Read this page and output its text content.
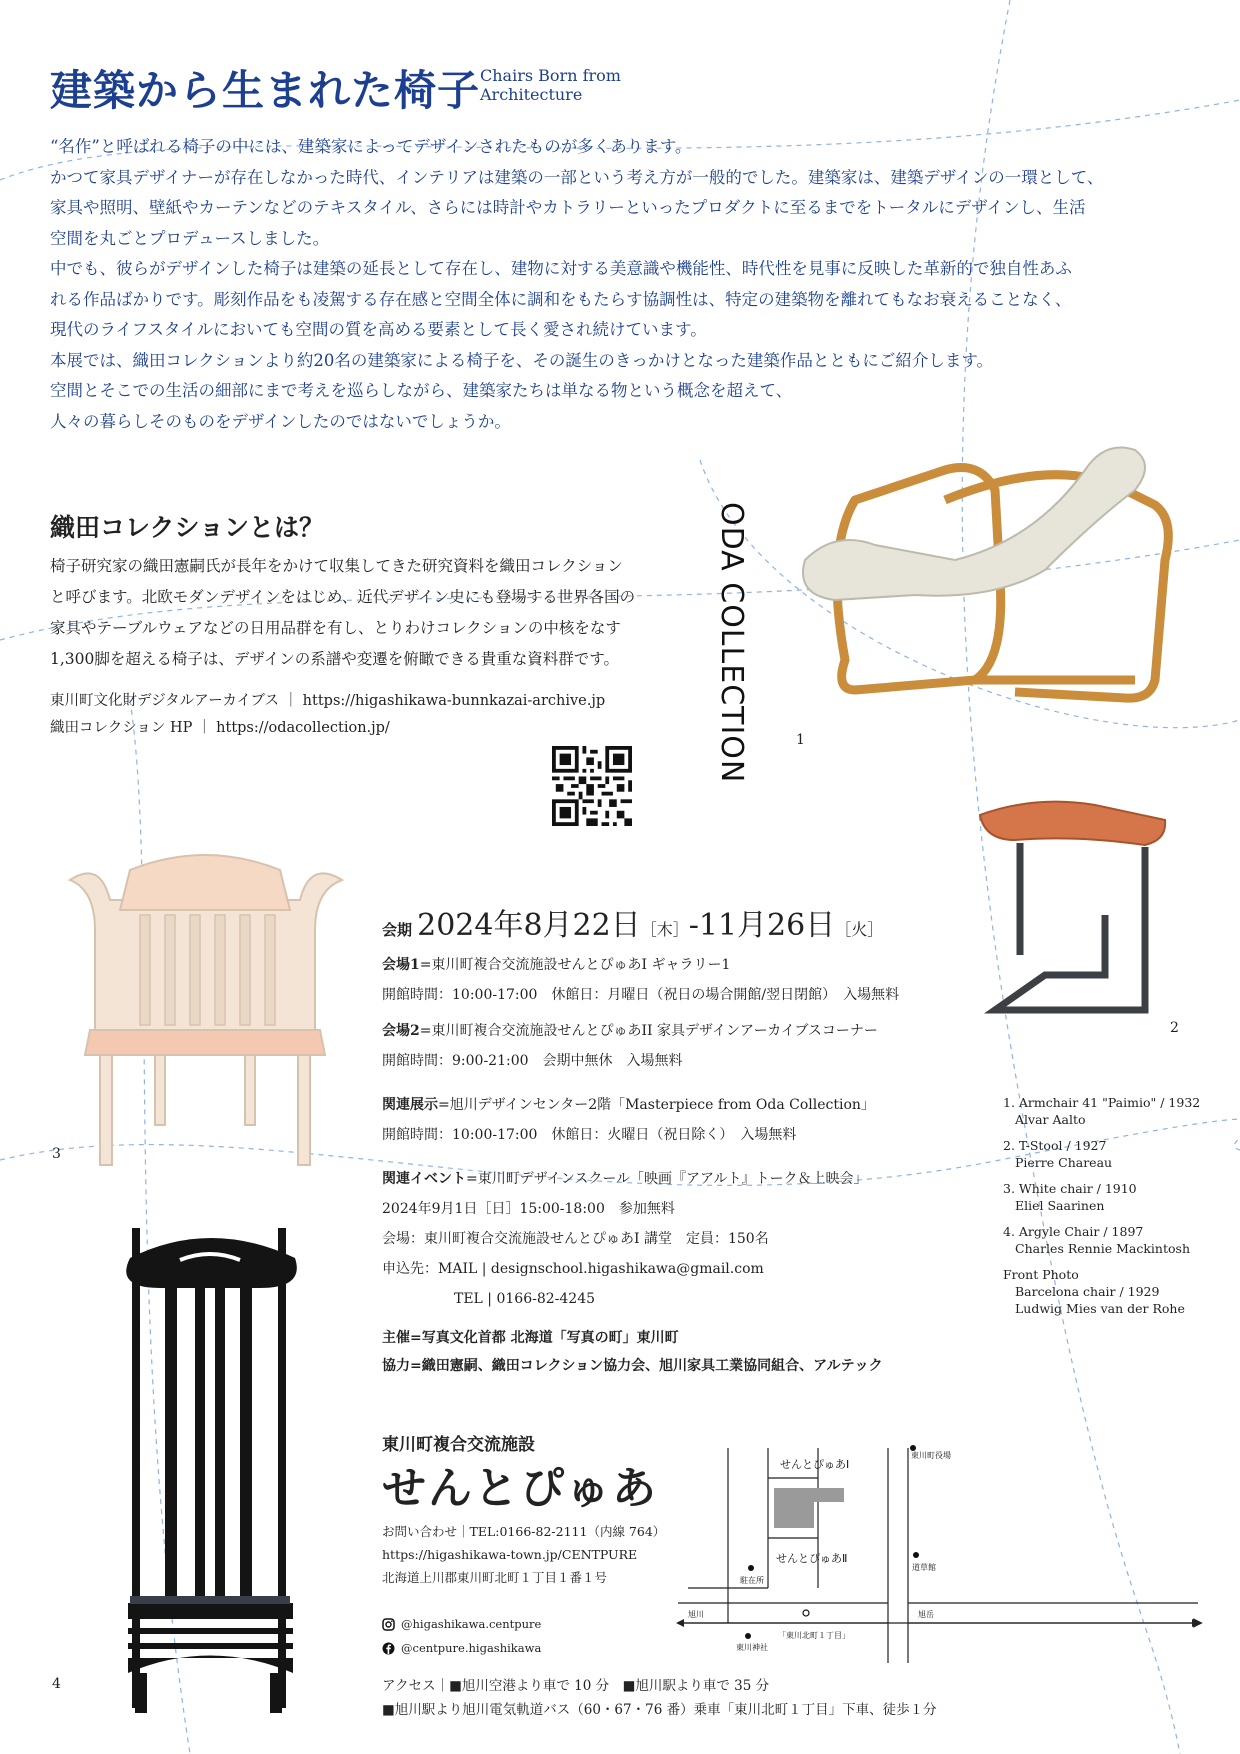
建築から生まれた椅子 Chairs Born from
Architecture

“名作”と呼ばれる椅子の中には、建築家によってデザインされたものが多くあります。

かつて家具デザイナーが存在しなかった時代、インテリアは建築の一部という考え方が一般的でした。建築家は、建築デザインの一環として、

家具や照明、壁紙やカーテンなどのテキスタイル、さらには時計やカトラリーといったプロダクトに至るまでをトータルにデザインし、生活

空間を丸ごとプロデュースしました。

中でも、彼らがデザインした椅子は建築の延長として存在し、建物に対する美意識や機能性、時代性を見事に反映した革新的で独自性あふ

れる作品ばかりです。彫刻作品をも凌駕する存在感と空間全体に調和をもたらす協調性は、特定の建築物を離れてもなお衰えることなく、

現代のライフスタイルにおいても空間の質を高める要素として長く愛され続けています。

本展では、織田コレクションより約20名の建築家による椅子を、その誕生のきっかけとなった建築作品とともにご紹介します。

空間とそこでの生活の細部にまで考えを巡らしながら、建築家たちは単なる物という概念を超えて、

人々の暮らしそのものをデザインしたのではないでしょうか。

織田コレクションとは？

椅子研究家の織田憲嗣氏が長年をかけて収集してきた研究資料を織田コレクション

と呼びます。北欧モダンデザインをはじめ、近代デザイン史にも登場する世界各国の

家具やテーブルウェアなどの日用品群を有し、とりわけコレクションの中核をなす

1,300脚を超える椅子は、デザインの系譜や変遷を俯瞰できる貴重な資料群です。

東川町文化財デジタルアーカイブス ｜ https://higashikawa-bunnkazai-archive.jp

織田コレクション HP ｜ https://odacollection.jp/	ODA COLLECTION	1
2
3
4
会期 2024年8月22日［木］-11月26日［火］

会場1=東川町複合交流施設せんとぴゅあI ギャラリー1

開館時間：10:00-17:00　休館日：月曜日（祝日の場合開館/翌日閉館）　入場無料

会場2=東川町複合交流施設せんとぴゅあII 家具デザインアーカイブスコーナー

開館時間：9:00-21:00　会期中無休　入場無料

関連展示=旭川デザインセンター2階「Masterpiece from Oda Collection」

開館時間：10:00-17:00　休館日：火曜日（祝日除く）　入場無料

関連イベント=東川町デザインスクール「映画『アアルト』トーク＆上映会」

2024年9月1日［日］15:00-18:00　参加無料

会場：東川町複合交流施設せんとぴゅあI 講堂　定員：150名

申込先：MAIL | designschool.higashikawa@gmail.com

TEL | 0166-82-4245

主催=写真文化首都 北海道「写真の町」東川町

協力=織田憲嗣、織田コレクション協力会、旭川家具工業協同組合、アルテック

1. Armchair 41 "Paimio" / 1932
Alvar Aalto
2. T-Stool / 1927
Pierre Chareau
3. White chair / 1910
Eliel Saarinen
4. Argyle Chair / 1897
Charles Rennie Mackintosh
Front Photo
Barcelona chair / 1929
Ludwig Mies van der Rohe
東川町複合交流施設
せんとぴゅあ

お問い合わせ｜TEL:0166-82-2111（内線 764）

https://higashikawa-town.jp/CENTPURE

北海道上川郡東川町北町１丁目１番１号

@higashikawa.centpure

@centpure.higashikawa

アクセス｜■旭川空港より車で 10 分　■旭川駅より車で 35 分

■旭川駅より旭川電気軌道バス（60・67・76 番）乗車「東川北町１丁目」下車、徒歩１分

せんとぴゅあⅠ
せんとぴゅあⅡ
東川町役場
道草館
駐在所
東川神社
「東川北町１丁目」
旭川	旭岳
